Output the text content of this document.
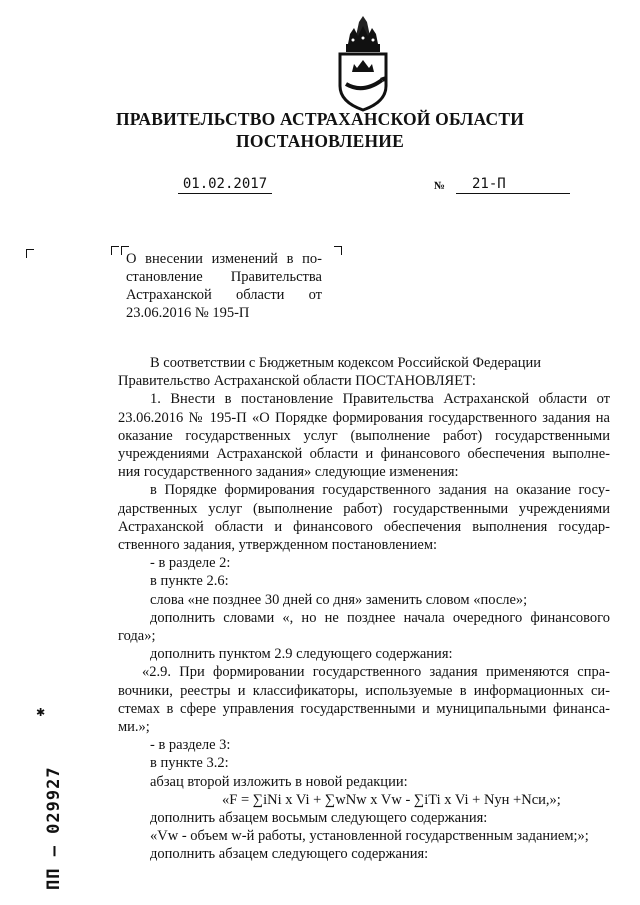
ПРАВИТЕЛЬСТВО АСТРАХАНСКОЙ ОБЛАСТИ
ПОСТАНОВЛЕНИЕ
01.02.2017	№	21-П
О внесении изменений в по-
становление Правительства
Астраханской области от
23.06.2016 № 195-П

В соответствии с Бюджетным кодексом Российской Федерации

Правительство Астраханской области ПОСТАНОВЛЯЕТ:

1. Внести в постановление Правительства Астраханской области от

23.06.2016 № 195-П «О Порядке формирования государственного задания на

оказание государственных услуг (выполнение работ) государственными

учреждениями Астраханской области и финансового обеспечения выполне-

ния государственного задания» следующие изменения:

в Порядке формирования государственного задания на оказание госу-

дарственных услуг (выполнение работ) государственными учреждениями

Астраханской области и финансового обеспечения выполнения государ-

ственного задания, утвержденном постановлением:

- в разделе 2:

в пункте 2.6:

слова «не позднее 30 дней со дня» заменить словом «после»;

дополнить словами «, но не позднее начала очередного финансового

года»;

дополнить пунктом 2.9 следующего содержания:

«2.9. При формировании государственного задания применяются спра-

вочники, реестры и классификаторы, используемые в информационных си-

стемах в сфере управления государственными и муниципальными финанса-

ми.»;

- в разделе 3:

в пункте 3.2:

абзац второй изложить в новой редакции:

«F = ∑iNi x Vi + ∑wNw x Vw - ∑iTi x Vi + Nун +Nси,»;

дополнить абзацем восьмым следующего содержания:

«Vw - объем w-й работы, установленной государственным заданием;»;

дополнить абзацем следующего содержания:

ПП – 029927
✱
